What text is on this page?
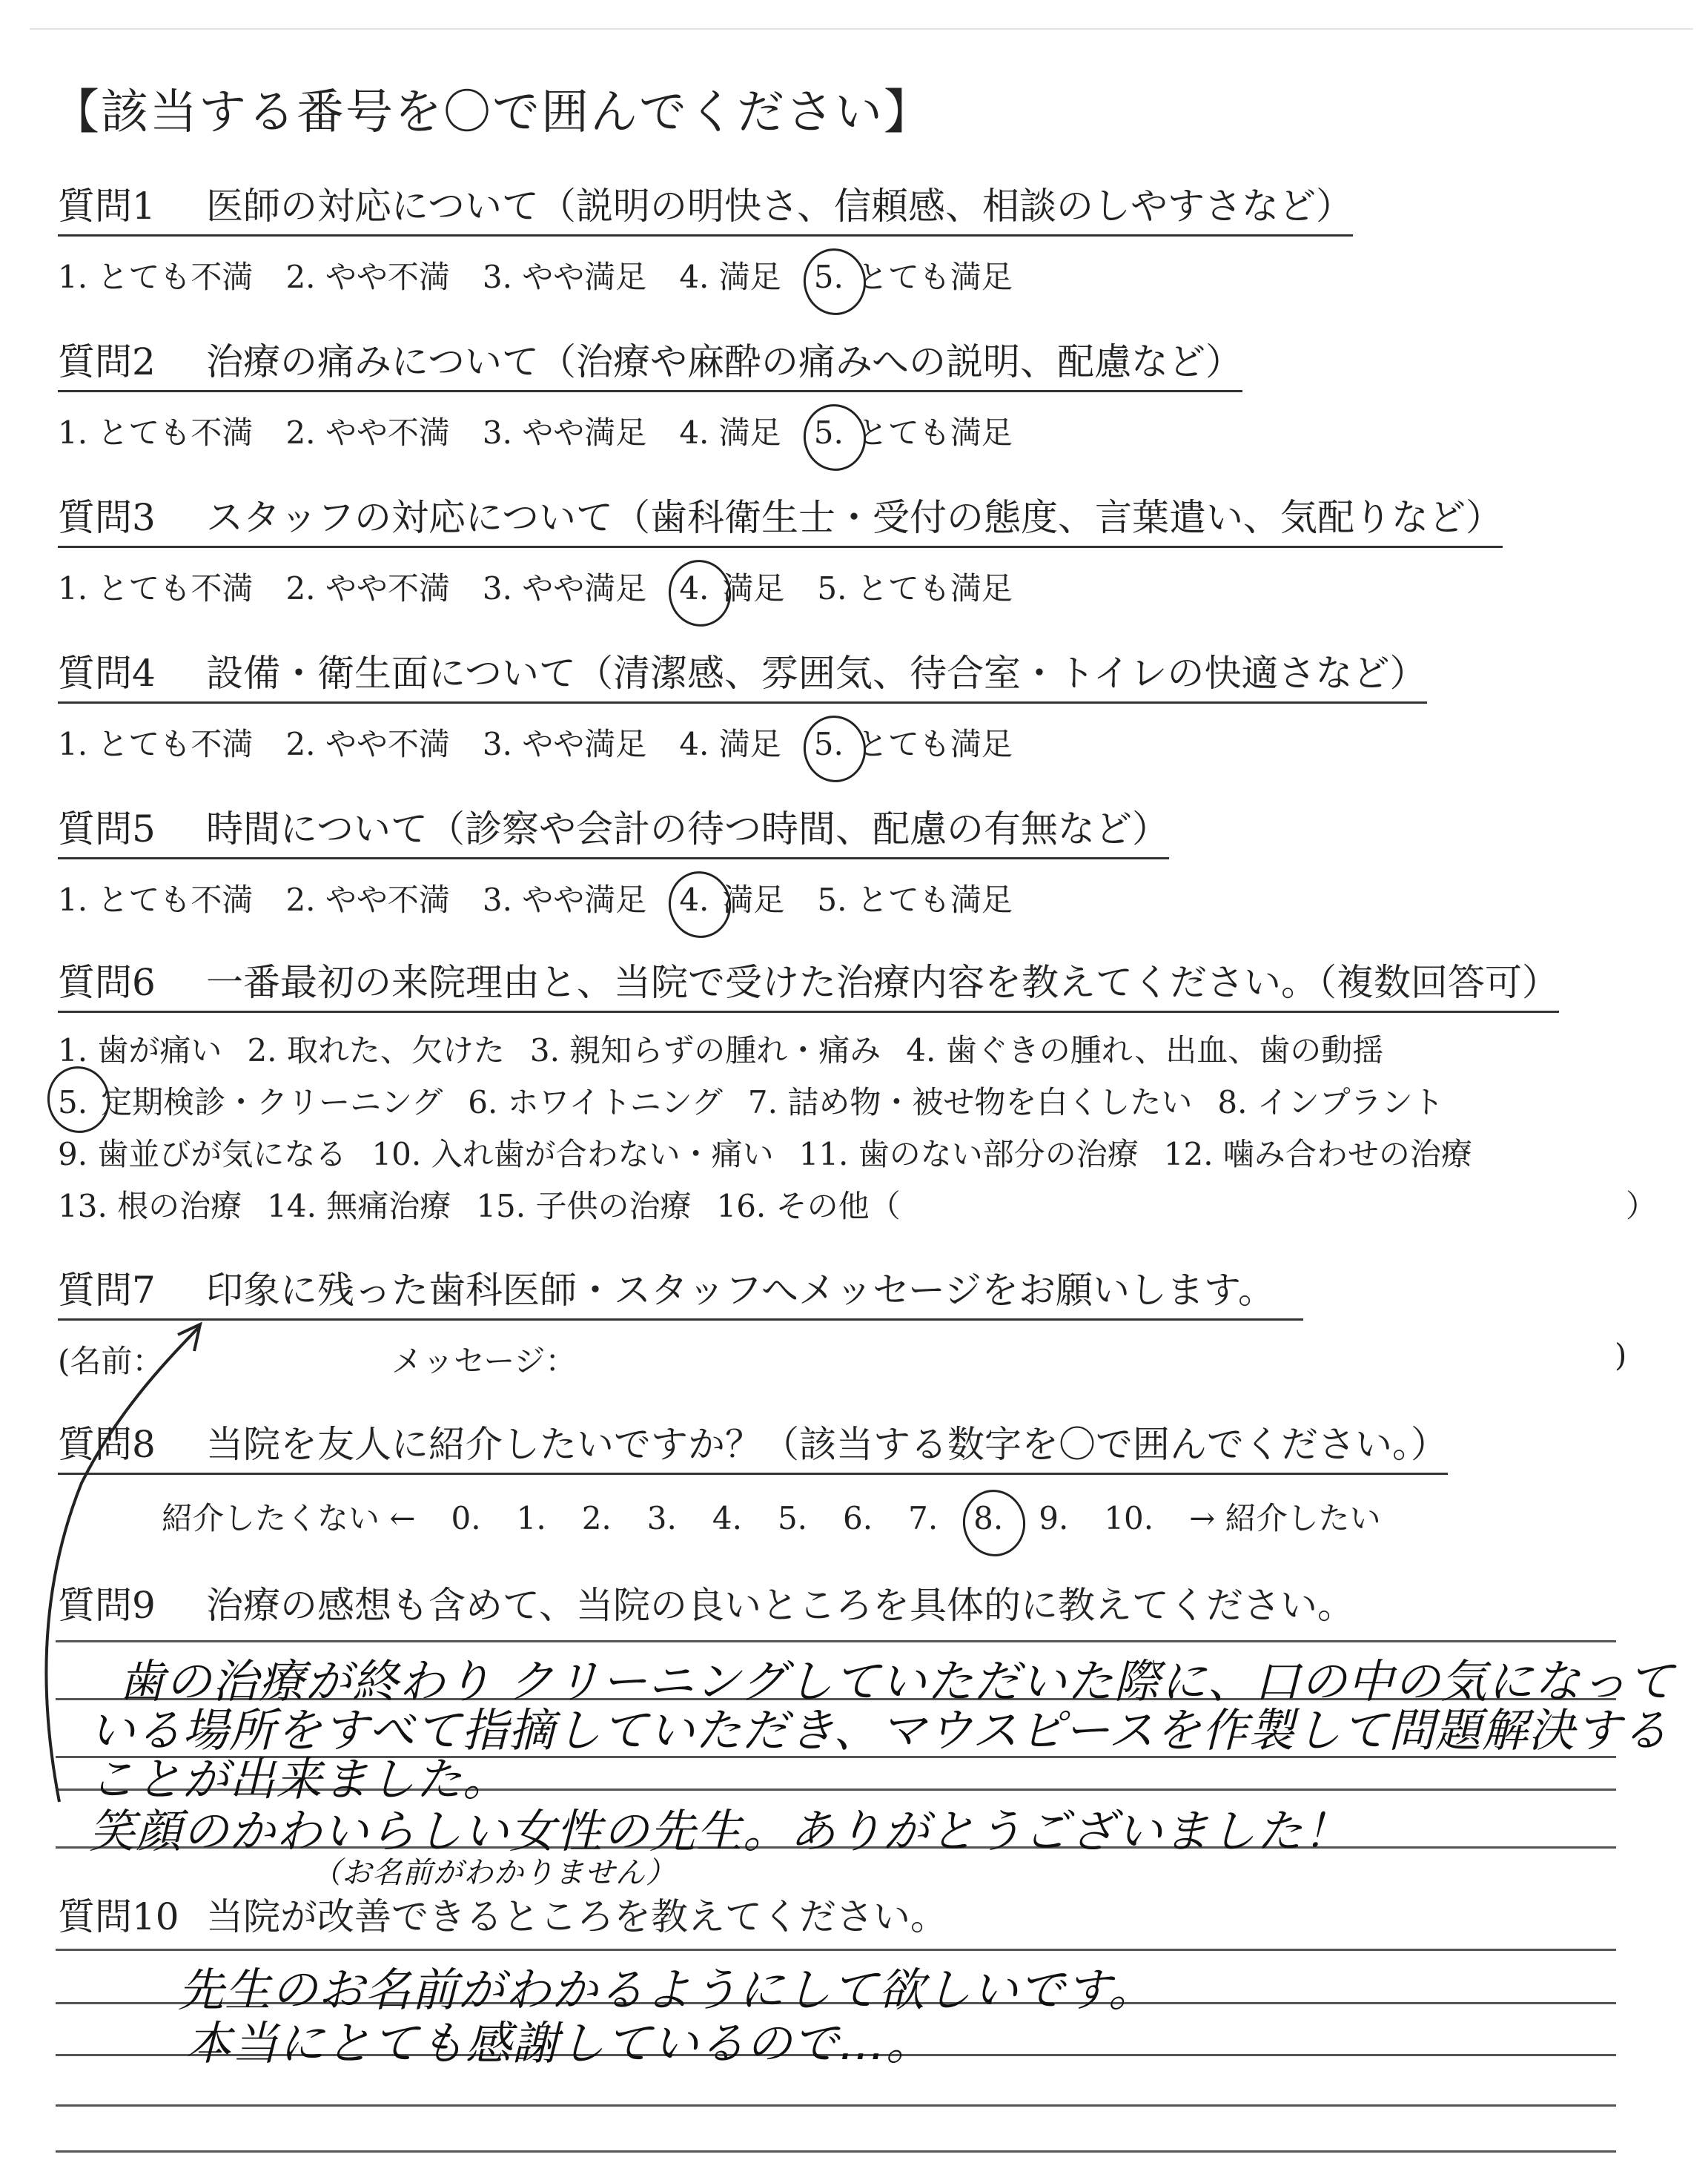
【該当する番号を〇で囲んでください】
質問1	医師の対応について（説明の明快さ、信頼感、相談のしやすさなど）
1. とても不満 2. やや不満 3. やや満足 4. 満足 5. とても満足
質問2	治療の痛みについて（治療や麻酔の痛みへの説明、配慮など）
1. とても不満 2. やや不満 3. やや満足 4. 満足 5. とても満足
質問3	スタッフの対応について（歯科衛生士・受付の態度、言葉遣い、気配りなど）
1. とても不満 2. やや不満 3. やや満足 4. 満足 5. とても満足
質問4	設備・衛生面について（清潔感、雰囲気、待合室・トイレの快適さなど）
1. とても不満 2. やや不満 3. やや満足 4. 満足 5. とても満足
質問5	時間について（診察や会計の待つ時間、配慮の有無など）
1. とても不満 2. やや不満 3. やや満足 4. 満足 5. とても満足
質問6	一番最初の来院理由と、当院で受けた治療内容を教えてください。（複数回答可）
1. 歯が痛い 2. 取れた、欠けた 3. 親知らずの腫れ・痛み 4. 歯ぐきの腫れ、出血、歯の動揺
5. 定期検診・クリーニング 6. ホワイトニング 7. 詰め物・被せ物を白くしたい 8. インプラント
9. 歯並びが気になる 10. 入れ歯が合わない・痛い 11. 歯のない部分の治療 12. 噛み合わせの治療
13. 根の治療 14. 無痛治療 15. 子供の治療 16. その他（	）
質問7	印象に残った歯科医師・スタッフへメッセージをお願いします。
(名前：	メッセージ：	)
質問8	当院を友人に紹介したいですか？（該当する数字を〇で囲んでください。）
紹介したくない ← 0. 1. 2. 3. 4. 5. 6. 7. 8. 9. 10. → 紹介したい
質問9	治療の感想も含めて、当院の良いところを具体的に教えてください。
歯の治療が終わり クリーニングしていただいた際に、口の中の気になって
いる場所をすべて指摘していただき、マウスピースを作製して問題解決する
ことが出来ました。
笑顔のかわいらしい女性の先生。ありがとうございました！
（お名前がわかりません）
質問10 当院が改善できるところを教えてください。
先生のお名前がわかるようにして欲しいです。
本当にとても感謝しているので…。
